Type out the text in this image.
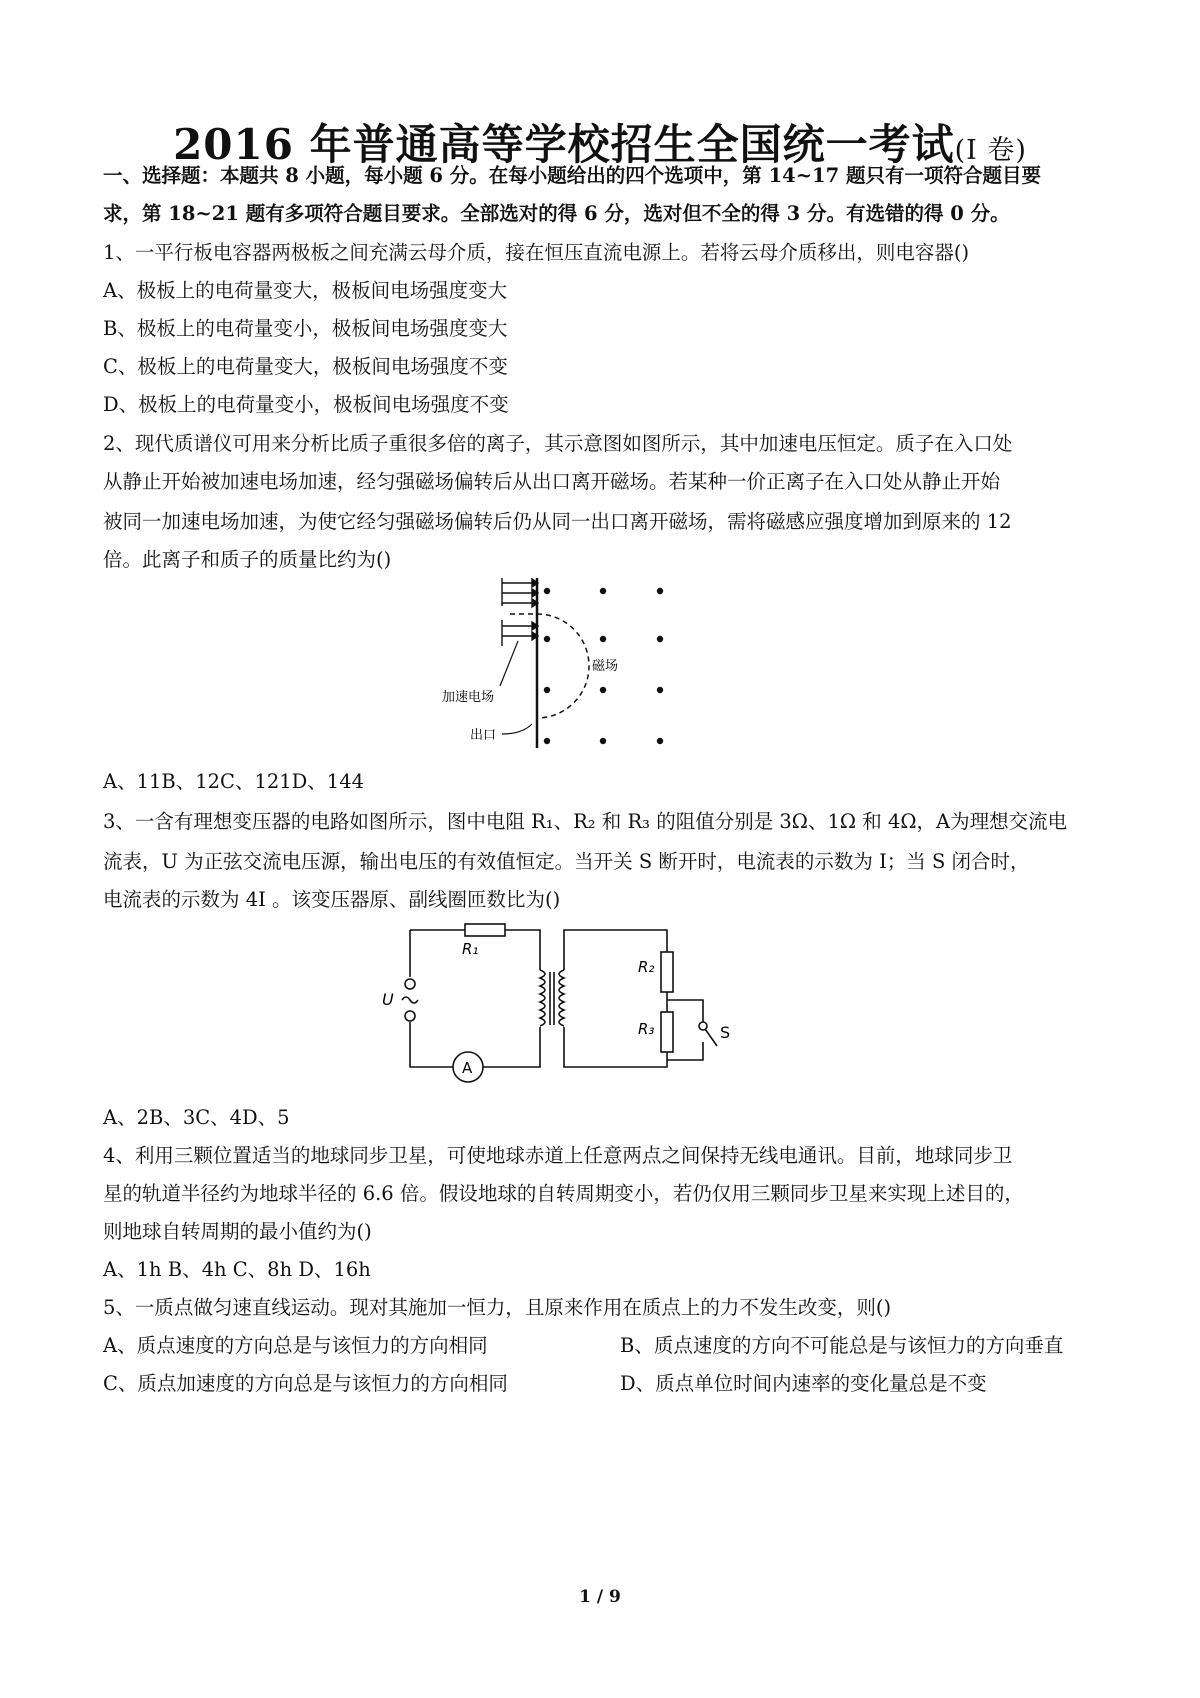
2016 年普通高等学校招生全国统一考试(I 卷)
一、选择题：本题共 8 小题，每小题 6 分。在每小题给出的四个选项中，第 14~17 题只有一项符合题目要
求，第 18~21 题有多项符合题目要求。全部选对的得 6 分，选对但不全的得 3 分。有选错的得 0 分。
1、一平行板电容器两极板之间充满云母介质，接在恒压直流电源上。若将云母介质移出，则电容器()
A、极板上的电荷量变大，极板间电场强度变大
B、极板上的电荷量变小，极板间电场强度变大
C、极板上的电荷量变大，极板间电场强度不变
D、极板上的电荷量变小，极板间电场强度不变
2、现代质谱仪可用来分析比质子重很多倍的离子，其示意图如图所示，其中加速电压恒定。质子在入口处
从静止开始被加速电场加速，经匀强磁场偏转后从出口离开磁场。若某种一价正离子在入口处从静止开始
被同一加速电场加速，为使它经匀强磁场偏转后仍从同一出口离开磁场，需将磁感应强度增加到原来的 12
倍。此离子和质子的质量比约为()
磁场
加速电场
出口
A、11B、12C、121D、144
3、一含有理想变压器的电路如图所示，图中电阻 R₁、R₂ 和 R₃ 的阻值分别是 3Ω、1Ω 和 4Ω，A为理想交流电
流表，U 为正弦交流电压源，输出电压的有效值恒定。当开关 S 断开时，电流表的示数为 I；当 S 闭合时，
电流表的示数为 4I 。该变压器原、副线圈匝数比为()
R₁
R₂
R₃
U
A
S
A、2B、3C、4D、5
4、利用三颗位置适当的地球同步卫星，可使地球赤道上任意两点之间保持无线电通讯。目前，地球同步卫
星的轨道半径约为地球半径的 6.6 倍。假设地球的自转周期变小，若仍仅用三颗同步卫星来实现上述目的，
则地球自转周期的最小值约为()
A、1h B、4h C、8h D、16h
5、一质点做匀速直线运动。现对其施加一恒力，且原来作用在质点上的力不发生改变，则()
A、质点速度的方向总是与该恒力的方向相同	B、质点速度的方向不可能总是与该恒力的方向垂直
C、质点加速度的方向总是与该恒力的方向相同	D、质点单位时间内速率的变化量总是不变
1 / 9
